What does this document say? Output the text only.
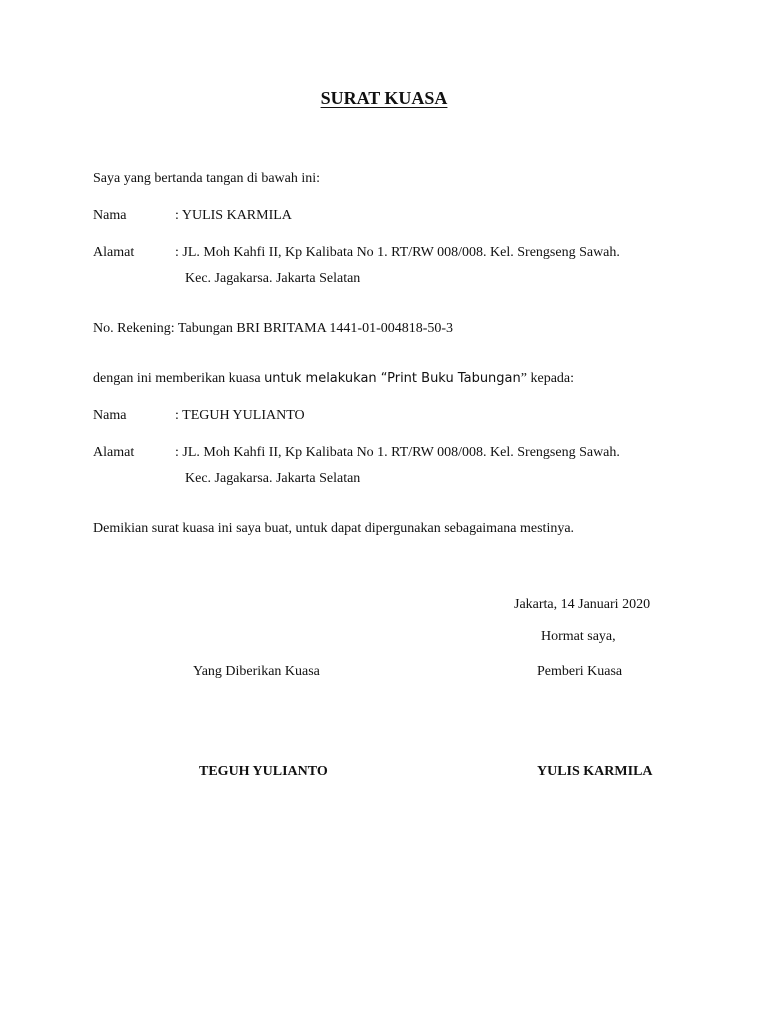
SURAT KUASA
Saya yang bertanda tangan di bawah ini:
Nama	: YULIS KARMILA
Alamat	: JL. Moh Kahfi II, Kp Kalibata No 1. RT/RW 008/008. Kel. Srengseng Sawah.
Kec. Jagakarsa. Jakarta Selatan
No. Rekening: Tabungan BRI BRITAMA 1441-01-004818-50-3
dengan ini memberikan kuasa untuk melakukan “Print Buku Tabungan” kepada:
Nama	: TEGUH YULIANTO
Alamat	: JL. Moh Kahfi II, Kp Kalibata No 1. RT/RW 008/008. Kel. Srengseng Sawah.
Kec. Jagakarsa. Jakarta Selatan
Demikian surat kuasa ini saya buat, untuk dapat dipergunakan sebagaimana mestinya.
Jakarta, 14 Januari 2020
Hormat saya,
Yang Diberikan Kuasa	Pemberi Kuasa
TEGUH YULIANTO	YULIS KARMILA
